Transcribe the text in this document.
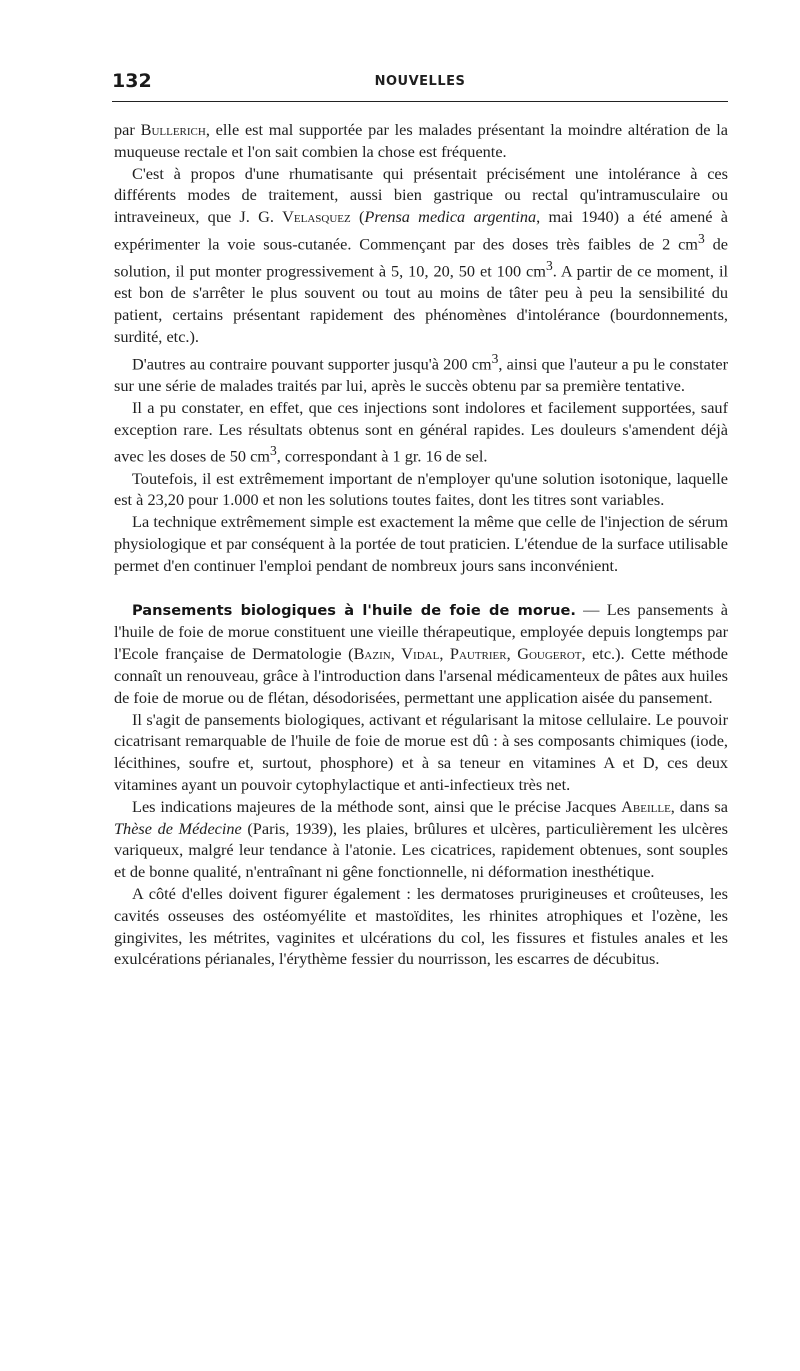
132	NOUVELLES

par Bullerich, elle est mal supportée par les malades présentant la moindre altération de la muqueuse rectale et l'on sait combien la chose est fréquente.

C'est à propos d'une rhumatisante qui présentait précisément une intolérance à ces différents modes de traitement, aussi bien gastrique ou rectal qu'intramusculaire ou intraveineux, que J. G. Velasquez (Prensa medica argentina, mai 1940) a été amené à expérimenter la voie sous-cutanée. Commençant par des doses très faibles de 2 $cm^3$ de solution, il put monter progressivement à 5, 10, 20, 50 et 100 $cm^3$. A partir de ce moment, il est bon de s'arrêter le plus souvent ou tout au moins de tâter peu à peu la sensibilité du patient, certains présentant rapidement des phénomènes d'intolérance (bourdonnements, surdité, etc.).

D'autres au contraire pouvant supporter jusqu'à 200 $cm^3$, ainsi que l'auteur a pu le constater sur une série de malades traités par lui, après le succès obtenu par sa première tentative.

Il a pu constater, en effet, que ces injections sont indolores et facilement supportées, sauf exception rare. Les résultats obtenus sont en général rapides. Les douleurs s'amendent déjà avec les doses de 50 $cm^3$, correspondant à 1 gr. 16 de sel.

Toutefois, il est extrêmement important de n'employer qu'une solution isotonique, laquelle est à 23,20 pour 1.000 et non les solutions toutes faites, dont les titres sont variables.

La technique extrêmement simple est exactement la même que celle de l'injection de sérum physiologique et par conséquent à la portée de tout praticien. L'étendue de la surface utilisable permet d'en continuer l'emploi pendant de nombreux jours sans inconvénient.

Pansements biologiques à l'huile de foie de morue. — Les pansements à l'huile de foie de morue constituent une vieille thérapeutique, employée depuis longtemps par l'Ecole française de Dermatologie (Bazin, Vidal, Pautrier, Gougerot, etc.). Cette méthode connaît un renouveau, grâce à l'introduction dans l'arsenal médicamenteux de pâtes aux huiles de foie de morue ou de flétan, désodorisées, permettant une application aisée du pansement.

Il s'agit de pansements biologiques, activant et régularisant la mitose cellulaire. Le pouvoir cicatrisant remarquable de l'huile de foie de morue est dû : à ses composants chimiques (iode, lécithines, soufre et, surtout, phosphore) et à sa teneur en vitamines A et D, ces deux vitamines ayant un pouvoir cytophylactique et anti-infectieux très net.

Les indications majeures de la méthode sont, ainsi que le précise Jacques Abeille, dans sa Thèse de Médecine (Paris, 1939), les plaies, brûlures et ulcères, particulièrement les ulcères variqueux, malgré leur tendance à l'atonie. Les cicatrices, rapidement obtenues, sont souples et de bonne qualité, n'entraînant ni gêne fonctionnelle, ni déformation inesthétique.

A côté d'elles doivent figurer également : les dermatoses prurigineuses et croûteuses, les cavités osseuses des ostéomyélite et mastoïdites, les rhinites atrophiques et l'ozène, les gingivites, les métrites, vaginites et ulcérations du col, les fissures et fistules anales et les exulcérations périanales, l'érythème fessier du nourrisson, les escarres de décubitus.
